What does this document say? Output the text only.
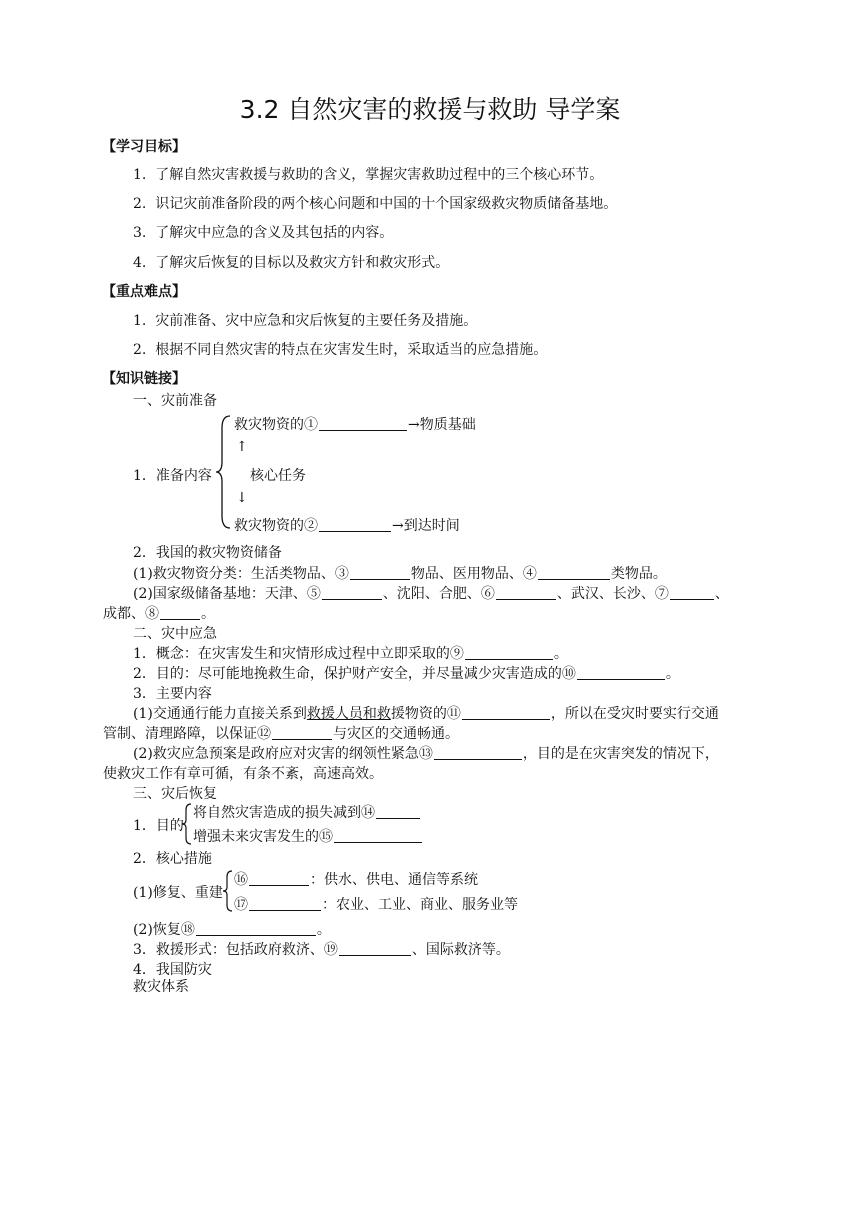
3.2 自然灾害的救援与救助 导学案
【学习目标】
1. 了解自然灾害救援与救助的含义，掌握灾害救助过程中的三个核心环节。
2. 识记灾前准备阶段的两个核心问题和中国的十个国家级救灾物质储备基地。
3. 了解灾中应急的含义及其包括的内容。
4. 了解灾后恢复的目标以及救灾方针和救灾形式。
【重点难点】
1. 灾前准备、灾中应急和灾后恢复的主要任务及措施。
2. 根据不同自然灾害的特点在灾害发生时，采取适当的应急措施。
【知识链接】
一、灾前准备
救灾物资的①	→物质基础
↑
核心任务
↓
救灾物资的②	→到达时间
1．准备内容
2．我国的救灾物资储备
(1)救灾物资分类：生活类物品、③	物品、医用物品、④	类物品。
(2)国家级储备基地：天津、⑤	、沈阳、合肥、⑥	、武汉、长沙、⑦	、
成都、⑧	。
二、灾中应急
1．概念：在灾害发生和灾情形成过程中立即采取的⑨	。
2．目的：尽可能地挽救生命，保护财产安全，并尽量减少灾害造成的⑩	。
3．主要内容
(1)交通通行能力直接关系到救援人员和救援物资的⑪	，所以在受灾时要实行交通
管制、清理路障，以保证⑫	与灾区的交通畅通。
(2)救灾应急预案是政府应对灾害的纲领性紧急⑬	，目的是在灾害突发的情况下，
使救灾工作有章可循，有条不紊，高速高效。
三、灾后恢复
1．目的
将自然灾害造成的损失减到⑭
增强未来灾害发生的⑮
2．核心措施
(1)修复、重建
⑯	：供水、供电、通信等系统
⑰	：农业、工业、商业、服务业等
(2)恢复⑱	。
3．救援形式：包括政府救济、⑲	、国际救济等。
4．我国防灾
救灾体系
